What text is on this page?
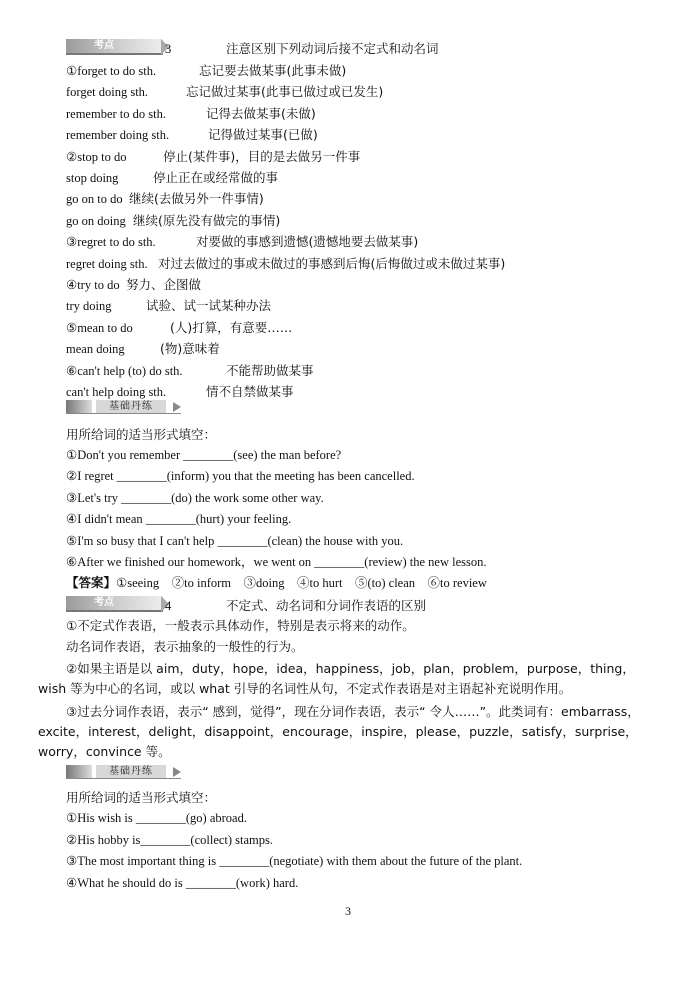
考点	3	注意区别下列动词后接不定式和动名词
①forget to do sth.	忘记要去做某事(此事未做)
forget doing sth.	忘记做过某事(此事已做过或已发生)
remember to do sth.	记得去做某事(未做)
remember doing sth.	记得做过某事(已做)
②stop to do	停止(某件事)，目的是去做另一件事
stop doing	停止正在或经常做的事
go on to do 继续(去做另外一件事情)
go on doing 继续(原先没有做完的事情)
③regret to do sth.	对要做的事感到遗憾(遗憾地要去做某事)
regret doing sth. 对过去做过的事或未做过的事感到后悔(后悔做过或未做过某事)
④try to do 努力、企图做
try doing	试验、试一试某种办法
⑤mean to do	(人)打算，有意要……
mean doing	(物)意味着
⑥can't help (to) do sth.	不能帮助做某事
can't help doing sth.	情不自禁做某事
基础丹练
用所给词的适当形式填空：
①Don't you remember ________(see) the man before?
②I regret ________(inform) you that the meeting has been cancelled.
③Let's try ________(do) the work some other way.
④I didn't mean ________(hurt) your feeling.
⑤I'm so busy that I can't help ________(clean) the house with you.
⑥After we finished our homework，we went on ________(review) the new lesson.
【答案】①seeing　②to inform　③doing　④to hurt　⑤(to) clean　⑥to review
考点	4	不定式、动名词和分词作表语的区别
①不定式作表语，一般表示具体动作，特别是表示将来的动作。
动名词作表语，表示抽象的一般性的行为。
②如果主语是以 aim，duty，hope，idea，happiness，job，plan，problem，purpose，thing，wish 等为中心的名词，或以 what 引导的名词性从句，不定式作表语是对主语起补充说明作用。
③过去分词作表语，表示“ 感到，觉得”，现在分词作表语，表示“ 令人……”。此类词有：embarrass，excite，interest，delight，disappoint，encourage，inspire，please，puzzle，satisfy，surprise，worry，convince 等。
基础丹练
用所给词的适当形式填空：
①His wish is ________(go) abroad.
②His hobby is________(collect) stamps.
③The most important thing is ________(negotiate) with them about the future of the plant.
④What he should do is ________(work) hard.
3
